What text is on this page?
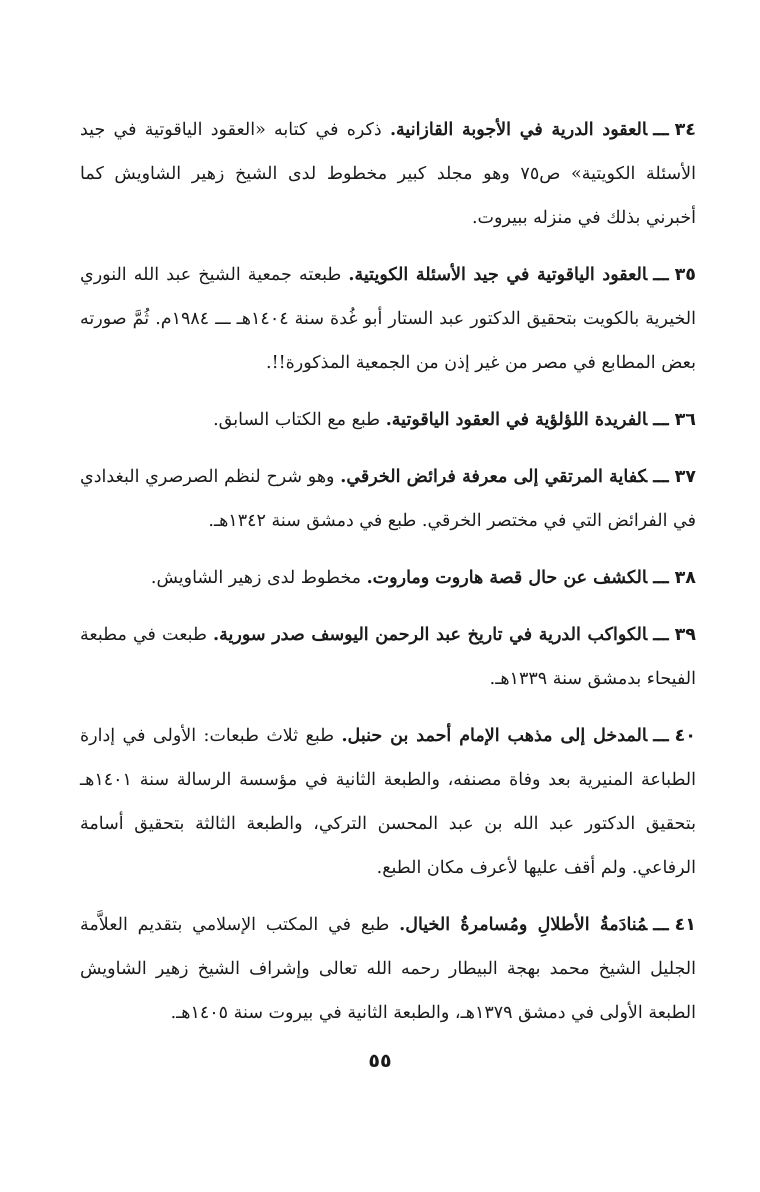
٣٤ـــالعقود الدرية في الأجوبة القازانية. ذكره في كتابه «العقود الياقوتية في جيد الأسئلة الكويتية» ص٧٥ وهو مجلد كبير مخطوط لدى الشيخ زهير الشاويش كما أخبرني بذلك في منزله ببيروت.

٣٥ـــالعقود الياقوتية في جيد الأسئلة الكويتية. طبعته جمعية الشيخ عبد الله النوري الخيرية بالكويت بتحقيق الدكتور عبد الستار أبو غُدة سنة ١٤٠٤هـ ـــ ١٩٨٤م. ثُمَّ صورته بعض المطابع في مصر من غير إذن من الجمعية المذكورة!!.

٣٦ـــالفريدة اللؤلؤية في العقود الياقوتية. طبع مع الكتاب السابق.

٣٧ـــكفاية المرتقي إلى معرفة فرائض الخرقي. وهو شرح لنظم الصرصري البغدادي في الفرائض التي في مختصر الخرقي. طبع في دمشق سنة ١٣٤٢هـ.

٣٨ـــالكشف عن حال قصة هاروت وماروت. مخطوط لدى زهير الشاويش.

٣٩ـــالكواكب الدرية في تاريخ عبد الرحمن اليوسف صدر سورية. طبعت في مطبعة الفيحاء بدمشق سنة ١٣٣٩هـ.

٤٠ـــالمدخل إلى مذهب الإمام أحمد بن حنبل. طبع ثلاث طبعات: الأولى في إدارة الطباعة المنيرية بعد وفاة مصنفه، والطبعة الثانية في مؤسسة الرسالة سنة ١٤٠١هـ بتحقيق الدكتور عبد الله بن عبد المحسن التركي، والطبعة الثالثة بتحقيق أسامة الرفاعي. ولم أقف عليها لأعرف مكان الطبع.

٤١ـــمُنادَمةُ الأطلالِ ومُسامرةُ الخيال. طبع في المكتب الإسلامي بتقديم العلاَّمة الجليل الشيخ محمد بهجة البيطار رحمه الله تعالى وإشراف الشيخ زهير الشاويش الطبعة الأولى في دمشق ١٣٧٩هـ، والطبعة الثانية في بيروت سنة ١٤٠٥هـ.

٥٥
